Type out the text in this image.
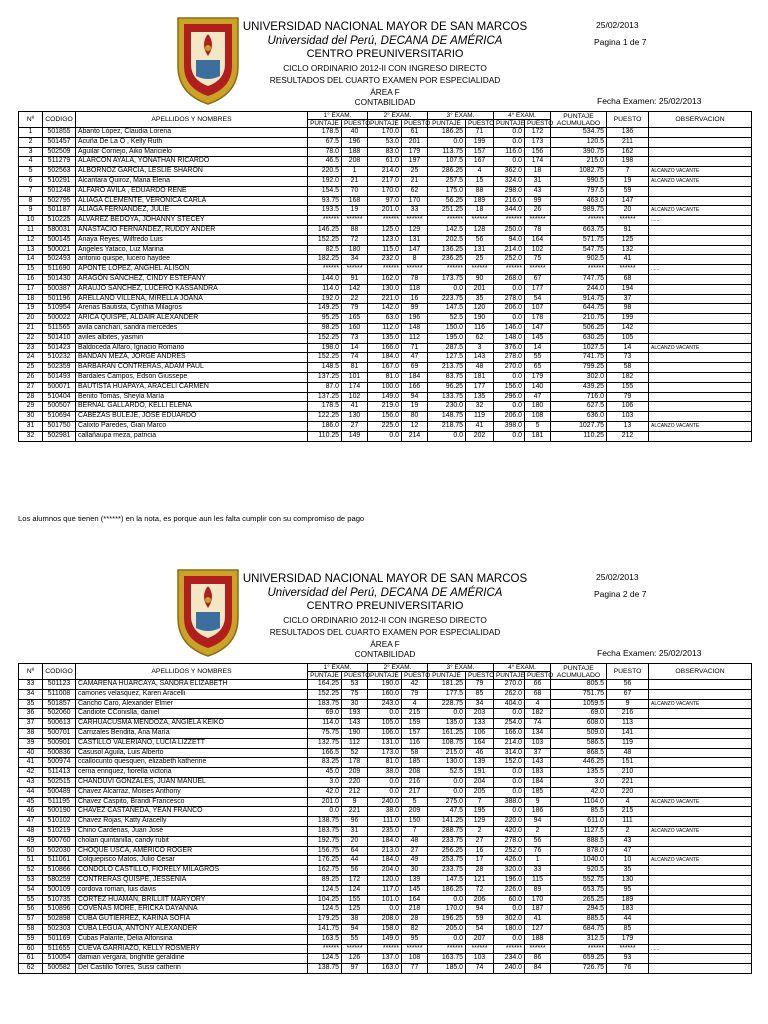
UNIVERSIDAD NACIONAL MAYOR DE SAN MARCOS
Universidad del Perú, DECANA DE AMÉRICA
CENTRO PREUNIVERSITARIO
CICLO ORDINARIO 2012-II CON INGRESO DIRECTO
RESULTADOS DEL CUARTO EXAMEN POR ESPECIALIDAD
ÁREA F
CONTABILIDAD
25/02/2013
Pagina 1 de 7
Fecha Examen: 25/02/2013
Nº	CODIGO	APELLIDOS Y NOMBRES	1° EXAM.		2° EXAM.		3° EXAM.		4° EXAM.		PUNTAJE ACUMULADO	PUESTO	OBSERVACION
			PUNTAJE	PUESTO	PUNTAJE	PUESTO	PUNTAJE	PUESTO	PUNTAJE	PUESTO			
1	501855	Abanto López, Claudia Lorena	178.5	40	170.0	61	186.25	71	0.0	172	534.75	136	
2	501457	Acuña De La O , Kelly Ruth	67.5	196	53.0	201	0.0	199	0.0	173	120.5	211	
3	502509	Aguilar Cornejo, Aiko Maricielo	78.0	188	83.0	179	113.75	157	116.0	156	390.75	162	
4	511279	ALARCON AYALA, YONATHAN RICARDO	46.5	208	61.0	197	107.5	167	0.0	174	215.0	198	
5	502563	ALBORNOZ GARCIA, LESLIE SHARON	220.5	1	214.0	25	286.25	4	362.0	18	1082.75	7	ALCANZO VACANTE
6	510291	Alcantara Quiroz, Maria Elena	192.0	21	217.0	21	257.5	15	324.0	31	990.5	19	ALCANZO VACANTE
7	501248	ALFARO AVILA , EDUARDO RENE	154.5	70	170.0	62	175.0	88	298.0	43	797.5	59	
8	502795	ALIAGA CLEMENTE, VERONICA CARLA	93.75	168	97.0	170	56.25	189	216.0	99	463.0	147	
9	501187	ALIAGA FERNANDEZ, JULIE	193.5	19	201.0	33	251.25	18	344.0	26	989.75	20	ALCANZO VACANTE
10	510225	ALVAREZ BEDOYA, JOHANNY STECEY	******	******	******	******	******	******	******	******	******	******	......
11	580031	ANASTACIO FERNANDEZ, RUDDY ANDER	146.25	88	125.0	129	142.5	128	250.0	78	663.75	91	
12	500145	Anaya Reyes, Wilfredo Luis	152.25	72	123.0	131	202.5	56	94.0	164	571.75	125	
13	500021	Angeles Yataco, Luz Marina	82.5	180	115.0	147	136.25	131	214.0	102	547.75	132	
14	502493	antonio quispe, lucero haydee	182.25	34	232.0	8	236.25	25	252.0	75	902.5	41	
15	511690	APONTE LOPEZ, ANGHEL ALISON	******	******	******	******	******	******	******	******	******	******	......
16	501430	ARAGÓN SÁNCHEZ, CINDY ESTEFANY	144.0	91	162.0	78	173.75	90	268.0	67	747.75	68	
17	500387	ARAUJO SANCHEZ, LUCERO KASSANDRA	114.0	142	130.0	118	0.0	201	0.0	177	244.0	194	
18	501196	ARELLANO VILLENA, MIRELLA JOANA	192.0	22	221.0	16	223.75	35	278.0	54	914.75	37	
19	510954	Arenas Bautista, Cynthia Milagros	149.25	79	142.0	99	147.5	120	206.0	107	644.75	98	
20	500022	ARICA QUISPE, ALDAIR ALEXANDER	95.25	165	63.0	196	52.5	190	0.0	178	210.75	199	
21	511565	avila canchari, sandra mercedes	98.25	160	112.0	148	150.0	116	146.0	147	506.25	142	
22	501410	aviles albites, yasmin	152.25	73	135.0	112	195.0	62	148.0	145	630.25	105	
23	501423	Baldoceda Alfaro, Ignacio Romario	198.0	14	166.0	71	287.5	3	376.0	14	1027.5	14	ALCANZO VACANTE
24	510232	BANDAN MEZA, JORGE ANDRES	152.25	74	184.0	47	127.5	143	278.0	55	741.75	73	
25	502359	BARBARAN CONTRERAS, ADAM PAUL	148.5	81	167.0	69	213.75	48	270.0	65	799.25	58	
26	501493	Bardales Campos, Edson Giussepe	137.25	101	81.0	184	83.75	181	0.0	179	302.0	182	
27	500071	BAUTISTA HUAPAYA, ARACELI CARMEN	87.0	174	100.0	166	96.25	177	156.0	140	439.25	155	
28	510404	Benito Tomás, Sheyla María	137.25	102	149.0	94	133.75	135	296.0	47	716.0	79	
29	500507	BERNAL GALLARDO, KELLI ELENA	178.5	41	219.0	19	230.0	32	0.0	180	627.5	106	
30	510694	CABEZAS BULEJE, JOSE EDUARDO	122.25	130	156.0	80	148.75	119	206.0	108	636.0	103	
31	501750	Calixto Paredes, Gian Marco	186.0	27	225.0	12	218.75	41	398.0	5	1027.75	13	ALCANZO VACANTE
32	502981	callañaupa meza, patricia	110.25	149	0.0	214	0.0	202	0.0	181	110.25	212	
Los alumnos que tienen (******) en la nota, es porque aun les falta cumplir con su compromiso de pago
UNIVERSIDAD NACIONAL MAYOR DE SAN MARCOS
Universidad del Perú, DECANA DE AMÉRICA
CENTRO PREUNIVERSITARIO
CICLO ORDINARIO 2012-II CON INGRESO DIRECTO
RESULTADOS DEL CUARTO EXAMEN POR ESPECIALIDAD
ÁREA F
CONTABILIDAD
25/02/2013
Pagina 2 de 7
Fecha Examen: 25/02/2013
Nº	CODIGO	APELLIDOS Y NOMBRES	1° EXAM.		2° EXAM.		3° EXAM.		4° EXAM.		PUNTAJE ACUMULADO	PUESTO	OBSERVACION
			PUNTAJE	PUESTO	PUNTAJE	PUESTO	PUNTAJE	PUESTO	PUNTAJE	PUESTO			
33	501123	CAMARENA HUARCAYA, SANDRA ELIZABETH	164.25	53	190.0	42	181.25	79	270.0	66	805.5	56	
34	511008	camones velasquez, Karen Aracelli	152.25	75	160.0	79	177.5	85	262.0	68	751.75	67	
35	501857	Cancho Caro, Alexander Elmer	183.75	30	243.0	4	228.75	34	404.0	4	1059.5	9	ALCANZO VACANTE
36	502060	Candiote CConislla, daniel	69.0	193	0.0	215	0.0	203	0.0	182	69.0	216	
37	500613	CARHUACUSMA MENDOZA, ANGIELA KEIKO	114.0	143	105.0	159	135.0	133	254.0	74	608.0	113	
38	500701	Carrizales Bendita, Ana María	75.75	190	106.0	157	161.25	106	166.0	134	509.0	141	
39	500901	CASTILLO VALERIANO, LUCIA LIZZETT	132.75	112	131.0	116	108.75	164	214.0	103	586.5	119	
40	500836	Casusol Aguila, Luis Alberto	166.5	52	173.0	58	215.0	46	314.0	37	868.5	48	
41	500974	ccallocunto quesquen, elizabeth katherine	83.25	178	81.0	185	130.0	139	152.0	143	446.25	151	
42	511413	cerna enriquez, fiorella victoria	45.0	209	38.0	208	52.5	191	0.0	183	135.5	210	
43	502515	CHANDUVI GONZALES, JUAN MANUEL	3.0	220	0.0	216	0.0	204	0.0	184	3.0	221	
44	500489	Chavez Alcarraz, Moises Anthony	42.0	212	0.0	217	0.0	205	0.0	185	42.0	220	
45	511195	Chavez Caspito, Brandi Francesco	201.0	9	240.0	5	275.0	7	388.0	9	1104.0	4	ALCANZO VACANTE
46	500190	CHAVEZ CASTAÑEDA, YEAN FRANCO	0.0	221	38.0	209	47.5	195	0.0	186	85.5	215	
47	510102	Chavez Rojas, Katty Aracelly	138.75	96	111.0	150	141.25	129	220.0	94	611.0	111	
48	510219	Chino Cardenas, Juan José	183.75	31	235.0	7	288.75	2	420.0	2	1127.5	2	ALCANZO VACANTE
49	500760	cholan quintanilla, candy rubit	192.75	20	184.0	48	233.75	27	278.0	56	888.5	43	
50	502030	CHOQUE USCA, AMÉRICO ROGER	156.75	64	213.0	27	256.25	16	252.0	76	878.0	47	
51	511061	Colquepisco Matos, Julio Cesar	176.25	44	184.0	49	253.75	17	426.0	1	1040.0	10	ALCANZO VACANTE
52	510866	CONDOLO CASTILLO, FIORELY MILAGROS	162.75	56	204.0	30	233.75	28	320.0	33	920.5	35	
53	580259	CONTRERAS QUISPE, JESSENIA	89.25	172	120.0	139	147.5	121	196.0	115	552.75	130	
54	500109	cordova roman, luis davis	124.5	124	117.0	145	186.25	72	226.0	89	653.75	95	
55	510735	CORTEZ HUAMAN, BRILLIIT MARYORY	104.25	155	101.0	164	0.0	206	60.0	170	265.25	189	
56	510896	COVEÑAS MORE, ERICKA DAYANNA	124.5	125	0.0	218	170.0	94	0.0	187	294.5	183	
57	502898	CUBA GUTIERREZ, KARINA SOFIA	179.25	38	208.0	28	196.25	59	302.0	41	885.5	44	
58	502303	CUBA LEGUA, ANTONY ALEXANDER	141.75	94	158.0	82	205.0	54	180.0	127	684.75	85	
59	501169	Cubas Palante, Delia Alfonsina	163.5	55	149.0	95	0.0	207	0.0	188	312.5	179	
60	511655	CUEVA GARRIAZO, KELLY ROSMERY	******	******	******	******	******	******	******	******	******	******	......
61	510054	damian vergara, brighitte geraldine	124.5	126	137.0	108	163.75	103	234.0	86	659.25	93	
62	500582	Del Castillo Torres, Sussi catherin	138.75	97	163.0	77	185.0	74	240.0	84	726.75	76	
